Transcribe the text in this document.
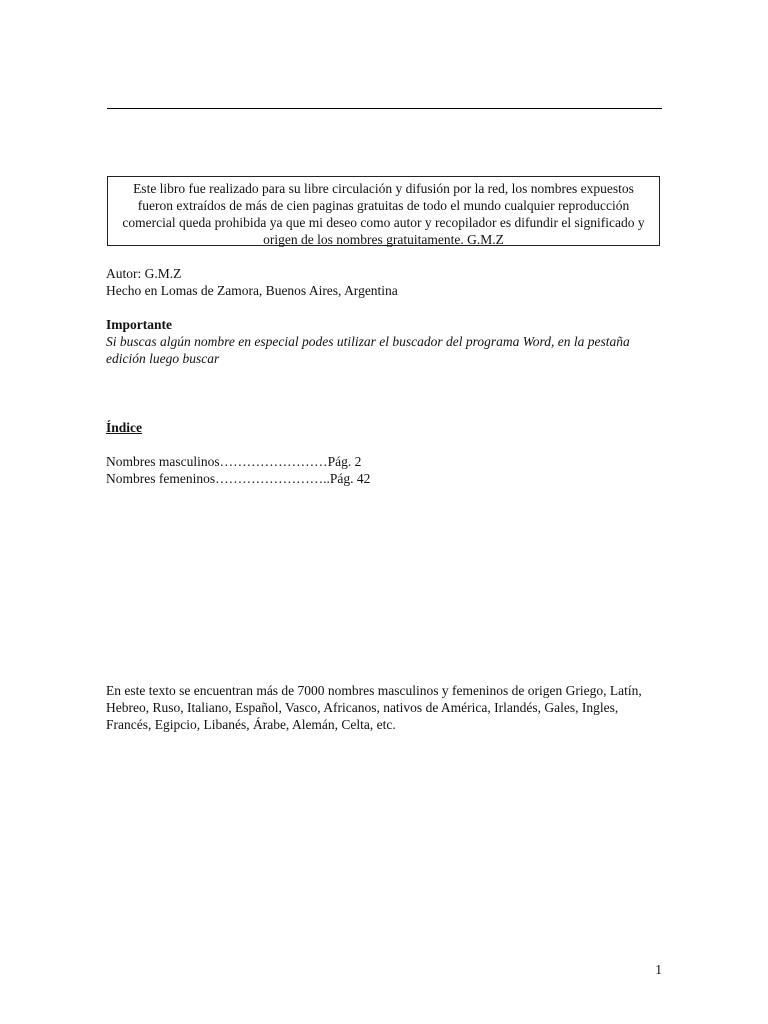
Este libro fue realizado para su libre circulación y difusión por la red, los nombres expuestos
fueron extraídos de más de cien paginas gratuitas de todo el mundo cualquier reproducción
comercial queda prohibida ya que mi deseo como autor y recopilador es difundir el significado y
origen de los nombres gratuitamente. G.M.Z
Autor: G.M.Z
Hecho en Lomas de Zamora, Buenos Aires, Argentina
Importante
Si buscas algún nombre en especial podes utilizar el buscador del programa Word, en la pestaña
edición luego buscar
Índice
Nombres masculinos……………………Pág. 2
Nombres femeninos……………………..Pág. 42
En este texto se encuentran más de 7000 nombres masculinos y femeninos de origen Griego, Latín,
Hebreo, Ruso, Italiano, Español, Vasco, Africanos, nativos de América, Irlandés, Gales, Ingles,
Francés, Egipcio, Libanés, Árabe, Alemán, Celta, etc.
1
